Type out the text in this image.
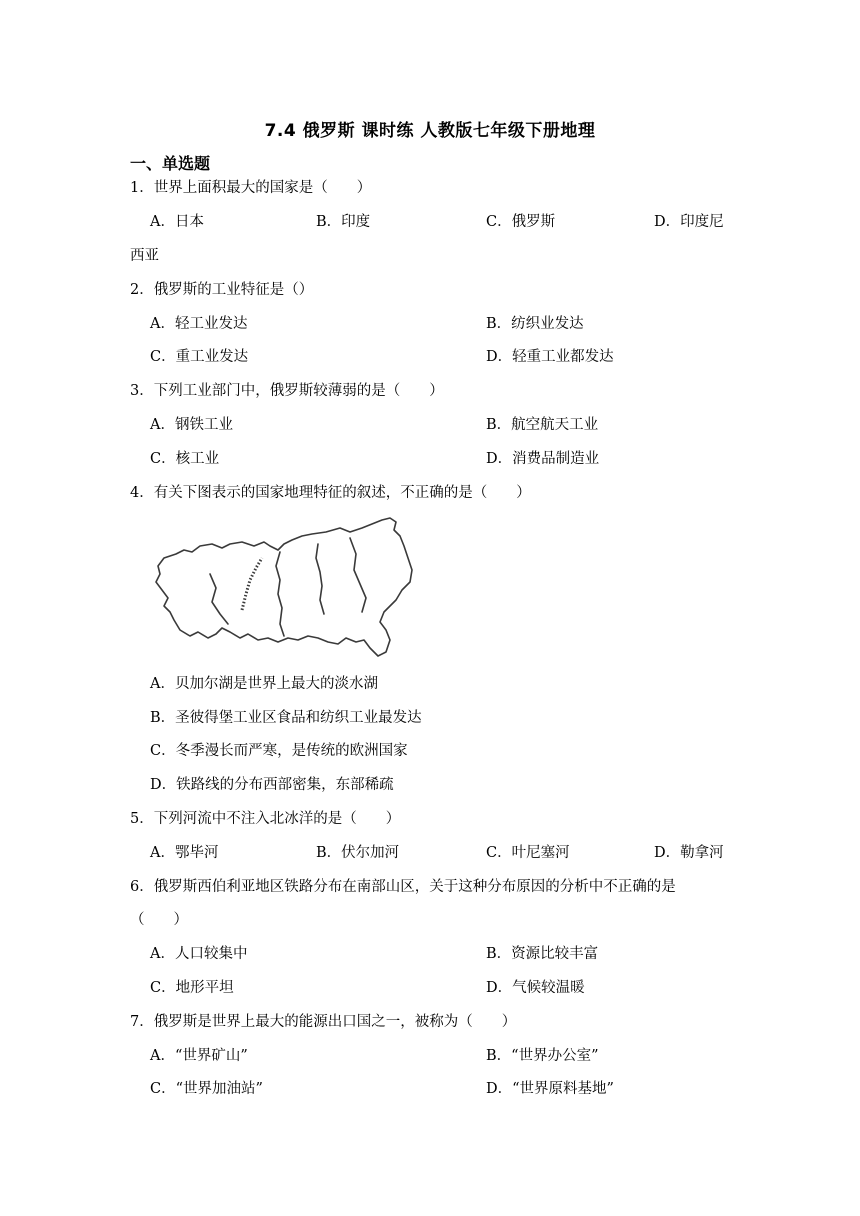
7.4 俄罗斯 课时练 人教版七年级下册地理
一、单选题
1．世界上面积最大的国家是（　　）
A．日本	B．印度	C．俄罗斯	D．印度尼
西亚
2．俄罗斯的工业特征是（）
A．轻工业发达	B．纺织业发达
C．重工业发达	D．轻重工业都发达
3．下列工业部门中，俄罗斯较薄弱的是（　　）
A．钢铁工业	B．航空航天工业
C．核工业	D．消费品制造业
4．有关下图表示的国家地理特征的叙述，不正确的是（　　）
A．贝加尔湖是世界上最大的淡水湖
B．圣彼得堡工业区食品和纺织工业最发达
C．冬季漫长而严寒，是传统的欧洲国家
D．铁路线的分布西部密集，东部稀疏
5．下列河流中不注入北冰洋的是（　　）
A．鄂毕河	B．伏尔加河	C．叶尼塞河	D．勒拿河
6．俄罗斯西伯利亚地区铁路分布在南部山区，关于这种分布原因的分析中不正确的是
（　　）
A．人口较集中	B．资源比较丰富
C．地形平坦	D．气候较温暖
7．俄罗斯是世界上最大的能源出口国之一，被称为（　　）
A．“世界矿山”	B．“世界办公室”
C．“世界加油站”	D．“世界原料基地”
